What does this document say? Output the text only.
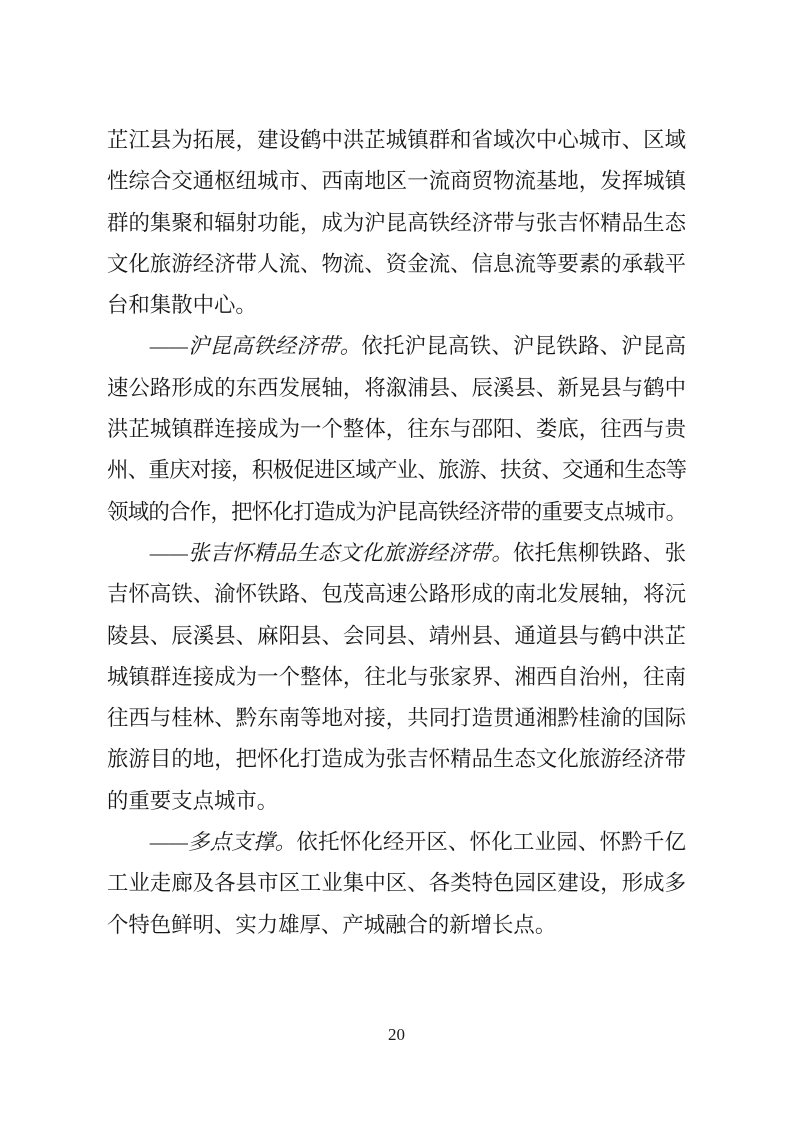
芷江县为拓展，建设鹤中洪芷城镇群和省域次中心城市、区域
性综合交通枢纽城市、西南地区一流商贸物流基地，发挥城镇
群的集聚和辐射功能，成为沪昆高铁经济带与张吉怀精品生态
文化旅游经济带人流、物流、资金流、信息流等要素的承载平
台和集散中心。
——沪昆高铁经济带。依托沪昆高铁、沪昆铁路、沪昆高
速公路形成的东西发展轴，将溆浦县、辰溪县、新晃县与鹤中
洪芷城镇群连接成为一个整体，往东与邵阳、娄底，往西与贵
州、重庆对接，积极促进区域产业、旅游、扶贫、交通和生态等
领域的合作，把怀化打造成为沪昆高铁经济带的重要支点城市。
——张吉怀精品生态文化旅游经济带。依托焦柳铁路、张
吉怀高铁、渝怀铁路、包茂高速公路形成的南北发展轴，将沅
陵县、辰溪县、麻阳县、会同县、靖州县、通道县与鹤中洪芷
城镇群连接成为一个整体，往北与张家界、湘西自治州，往南
往西与桂林、黔东南等地对接，共同打造贯通湘黔桂渝的国际
旅游目的地，把怀化打造成为张吉怀精品生态文化旅游经济带
的重要支点城市。
——多点支撑。依托怀化经开区、怀化工业园、怀黔千亿
工业走廊及各县市区工业集中区、各类特色园区建设，形成多
个特色鲜明、实力雄厚、产城融合的新增长点。
20
